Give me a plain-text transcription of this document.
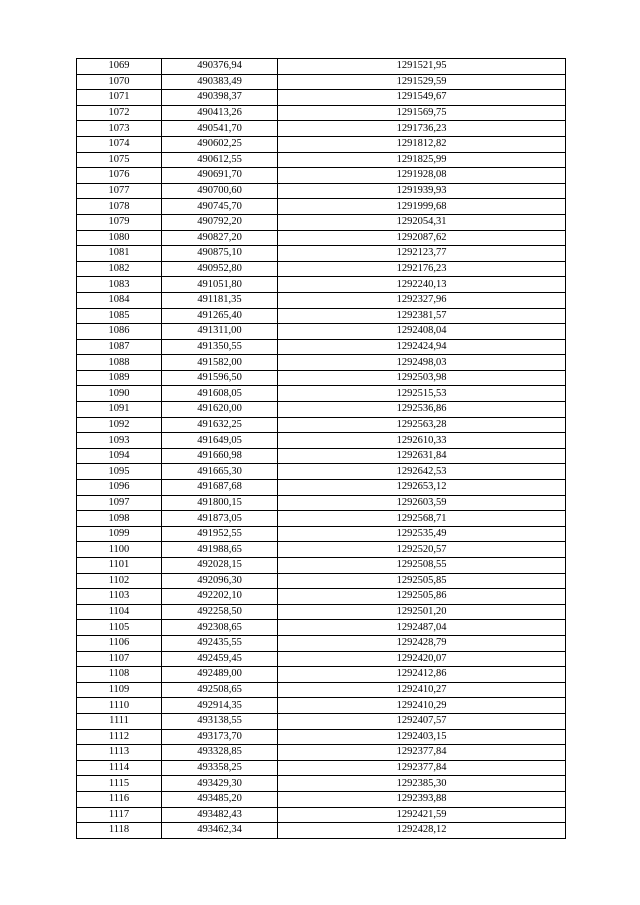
1069	490376,94	1291521,95
1070	490383,49	1291529,59
1071	490398,37	1291549,67
1072	490413,26	1291569,75
1073	490541,70	1291736,23
1074	490602,25	1291812,82
1075	490612,55	1291825,99
1076	490691,70	1291928,08
1077	490700,60	1291939,93
1078	490745,70	1291999,68
1079	490792,20	1292054,31
1080	490827,20	1292087,62
1081	490875,10	1292123,77
1082	490952,80	1292176,23
1083	491051,80	1292240,13
1084	491181,35	1292327,96
1085	491265,40	1292381,57
1086	491311,00	1292408,04
1087	491350,55	1292424,94
1088	491582,00	1292498,03
1089	491596,50	1292503,98
1090	491608,05	1292515,53
1091	491620,00	1292536,86
1092	491632,25	1292563,28
1093	491649,05	1292610,33
1094	491660,98	1292631,84
1095	491665,30	1292642,53
1096	491687,68	1292653,12
1097	491800,15	1292603,59
1098	491873,05	1292568,71
1099	491952,55	1292535,49
1100	491988,65	1292520,57
1101	492028,15	1292508,55
1102	492096,30	1292505,85
1103	492202,10	1292505,86
1104	492258,50	1292501,20
1105	492308,65	1292487,04
1106	492435,55	1292428,79
1107	492459,45	1292420,07
1108	492489,00	1292412,86
1109	492508,65	1292410,27
1110	492914,35	1292410,29
1111	493138,55	1292407,57
1112	493173,70	1292403,15
1113	493328,85	1292377,84
1114	493358,25	1292377,84
1115	493429,30	1292385,30
1116	493485,20	1292393,88
1117	493482,43	1292421,59
1118	493462,34	1292428,12
